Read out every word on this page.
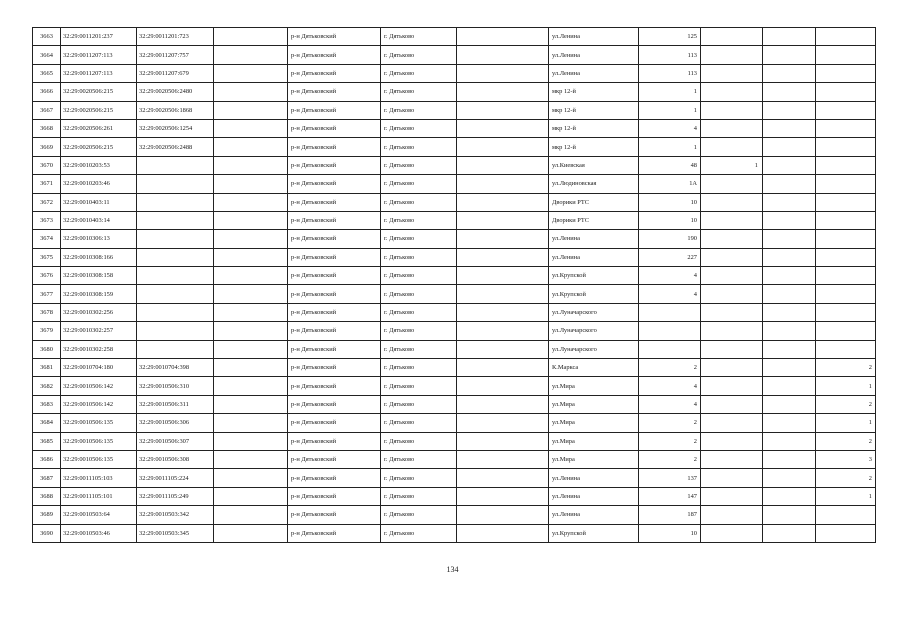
3663	32:29:0011201:237	32:29:0011201:723		р-н Дятьковский	г. Дятьково		ул.Ленина	125			
3664	32:29:0011207:113	32:29:0011207:757		р-н Дятьковский	г. Дятьково		ул.Ленина	113			
3665	32:29:0011207:113	32:29:0011207:679		р-н Дятьковский	г. Дятьково		ул.Ленина	113			
3666	32:29:0020506:215	32:29:0020506:2480		р-н Дятьковский	г. Дятьково		мкр 12-й	1			
3667	32:29:0020506:215	32:29:0020506:1868		р-н Дятьковский	г. Дятьково		мкр 12-й	1			
3668	32:29:0020506:261	32:29:0020506:1254		р-н Дятьковский	г. Дятьково		мкр 12-й	4			
3669	32:29:0020506:215	32:29:0020506:2488		р-н Дятьковский	г. Дятьково		мкр 12-й	1			
3670	32:29:0010203:53			р-н Дятьковский	г. Дятьково		ул.Киевская	48	1		
3671	32:29:0010203:46			р-н Дятьковский	г. Дятьково		ул.Людиновская	1А			
3672	32:29:0010403:11			р-н Дятьковский	г. Дятьково		Дворики РТС	10			
3673	32:29:0010403:14			р-н Дятьковский	г. Дятьково		Дворики РТС	10			
3674	32:29:0010306:13			р-н Дятьковский	г. Дятьково		ул.Ленина	190			
3675	32:29:0010308:166			р-н Дятьковский	г. Дятьково		ул.Ленина	227			
3676	32:29:0010308:158			р-н Дятьковский	г. Дятьково		ул.Крупской	4			
3677	32:29:0010308:159			р-н Дятьковский	г. Дятьково		ул.Крупской	4			
3678	32:29:0010302:256			р-н Дятьковский	г. Дятьково		ул.Луначарского				
3679	32:29:0010302:257			р-н Дятьковский	г. Дятьково		ул.Луначарского				
3680	32:29:0010302:258			р-н Дятьковский	г. Дятьково		ул.Луначарского				
3681	32:29:0010704:180	32:29:0010704:398		р-н Дятьковский	г. Дятьково		К.Маркса	2			2
3682	32:29:0010506:142	32:29:0010506:310		р-н Дятьковский	г. Дятьково		ул.Мира	4			1
3683	32:29:0010506:142	32:29:0010506:311		р-н Дятьковский	г. Дятьково		ул.Мира	4			2
3684	32:29:0010506:135	32:29:0010506:306		р-н Дятьковский	г. Дятьково		ул.Мира	2			1
3685	32:29:0010506:135	32:29:0010506:307		р-н Дятьковский	г. Дятьково		ул.Мира	2			2
3686	32:29:0010506:135	32:29:0010506:308		р-н Дятьковский	г. Дятьково		ул.Мира	2			3
3687	32:29:0011105:103	32:29:0011105:224		р-н Дятьковский	г. Дятьково		ул.Ленина	137			2
3688	32:29:0011105:101	32:29:0011105:249		р-н Дятьковский	г. Дятьково		ул.Ленина	147			1
3689	32:29:0010503:64	32:29:0010503:342		р-н Дятьковский	г. Дятьково		ул.Ленина	187			
3690	32:29:0010503:46	32:29:0010503:345		р-н Дятьковский	г. Дятьково		ул.Крупской	10			
134
